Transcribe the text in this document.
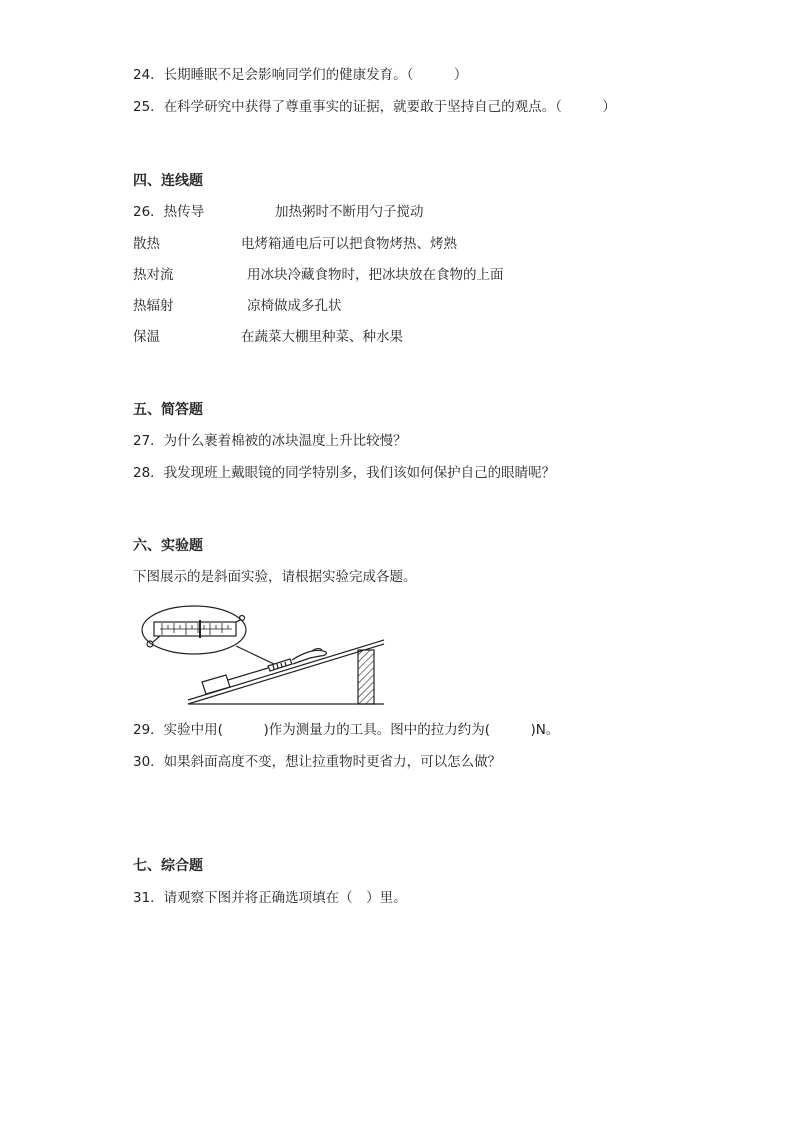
24．长期睡眠不足会影响同学们的健康发育。（　　　）
25．在科学研究中获得了尊重事实的证据，就要敢于坚持自己的观点。（　　　）
四、连线题
26．热传导	加热粥时不断用勺子搅动
散热	电烤箱通电后可以把食物烤热、烤熟
热对流	用冰块冷藏食物时，把冰块放在食物的上面
热辐射	凉椅做成多孔状
保温	在蔬菜大棚里种菜、种水果
五、简答题
27．为什么裹着棉被的冰块温度上升比较慢？
28．我发现班上戴眼镜的同学特别多，我们该如何保护自己的眼睛呢？
六、实验题
下图展示的是斜面实验，请根据实验完成各题。
29．实验中用(　　　)作为测量力的工具。图中的拉力约为(　　　)N。
30．如果斜面高度不变，想让拉重物时更省力，可以怎么做？
七、综合题
31．请观察下图并将正确选项填在（　）里。
